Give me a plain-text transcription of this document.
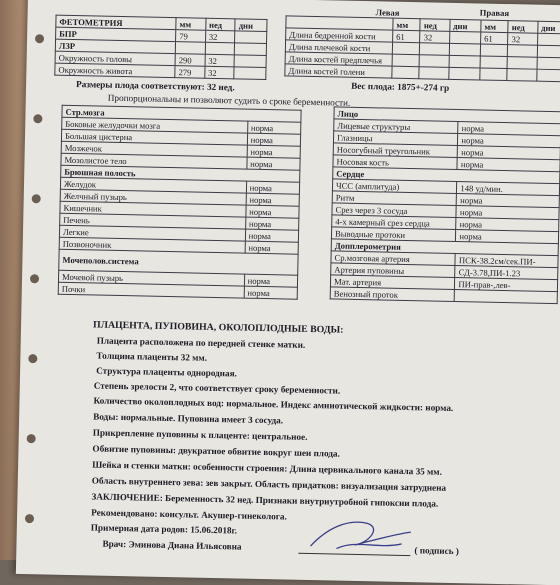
ФЕТОМЕТРИЯ	мм	нед	дни
БПР	79	32	
ЛЗР			
Окружность головы	290	32	
Окружность живота	279	32	
Левая	Правая
	мм	нед	дни	мм	нед	дни
Длина бедренной кости	61	32		61	32	
Длина плечевой кости						
Длина костей предплечья						
Длина костей голени						
Размеры плода соответствуют: 32 нед.	Вес плода: 1875+-274 гр
Пропорциональны и позволяют судить о сроке беременности.
Стр.мозга	
Боковые желудочки мозга	норма
Большая цистерна	норма
Мозжечок	норма
Мозолистое тело	норма
Брюшная полость	
Желудок	норма
Желчный пузырь	норма
Кишечник	норма
Печень	норма
Легкие	норма
Позвоночник	норма
Мочеполов.система	
Мочевой пузырь	норма
Почки	норма
Лицо	
Лицевые структуры	норма
Глазницы	норма
Носогубный треугольник	норма
Носовая кость	норма
Сердце	
ЧСС (амплитуда)	148 уд/мин.
Ритм	норма
Срез через 3 сосуда	норма
4-х камерный срез сердца	норма
Выводные протоки	норма
Допплерометрия	
Ср.мозговая артерия	ПСК-38.2см/сек.ПИ-
Артерия пуповины	СД-3.78,ПИ-1.23
Мат. артерия	ПИ-прав-,лев-
Венозный проток	
ПЛАЦЕНТА, ПУПОВИНА, ОКОЛОПЛОДНЫЕ ВОДЫ:
Плацента расположена по передней стенке матки.
Толщина плаценты 32 мм.
Структура плаценты однородная.
Степень зрелости 2, что соответствует сроку беременности.
Количество околоплодных вод: нормальное. Индекс амниотической жидкости: норма.
Воды: нормальные. Пуповина имеет 3 сосуда.
Прикрепление пуповины к плаценте: центральное.
Обвитие пуповины: двукратное обвитие вокруг шеи плода.
Шейка и стенки матки: особенности строения: Длина цервикального канала 35 мм.
Область внутреннего зева: зев закрыт. Область придатков: визуализация затруднена
ЗАКЛЮЧЕНИЕ: Беременность 32 нед. Признаки внутриутробной гипоксии плода.
Рекомендовано: консульт. Акушер-гинеколога.
Примерная дата родов: 15.06.2018г.
Врач: Эминова Диана Ильясовна	( подпись )
